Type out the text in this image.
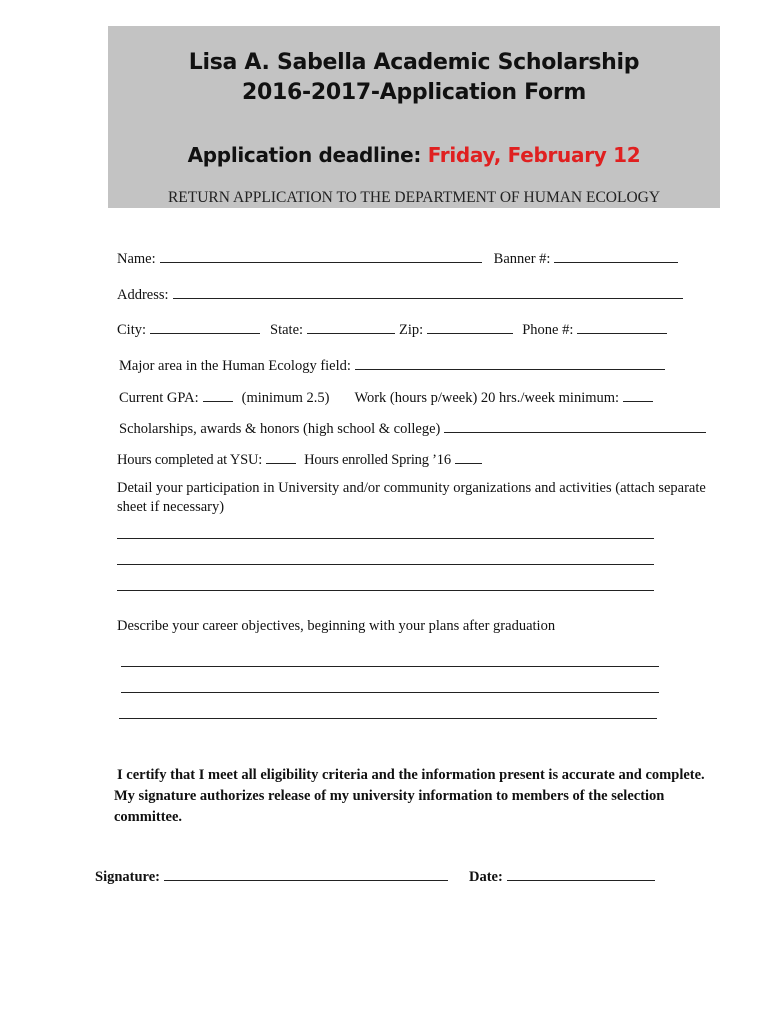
Lisa A. Sabella Academic Scholarship
2016-2017-Application Form
Application deadline: Friday, February 12
RETURN APPLICATION TO THE DEPARTMENT OF HUMAN ECOLOGY
Name:	Banner #:
Address:
City:	State:	Zip:	Phone #:
Major area in the Human Ecology field:
Current GPA:	(minimum 2.5) Work (hours p/week) 20 hrs./week minimum:
Scholarships, awards & honors (high school & college)
Hours completed at YSU:	Hours enrolled Spring ’16
Detail your participation in University and/or community organizations and activities (attach separate sheet if necessary)
Describe your career objectives, beginning with your plans after graduation
I certify that I meet all eligibility criteria and the information present is accurate and complete.
My signature authorizes release of my university information to members of the selection
committee.
Signature:	Date:
